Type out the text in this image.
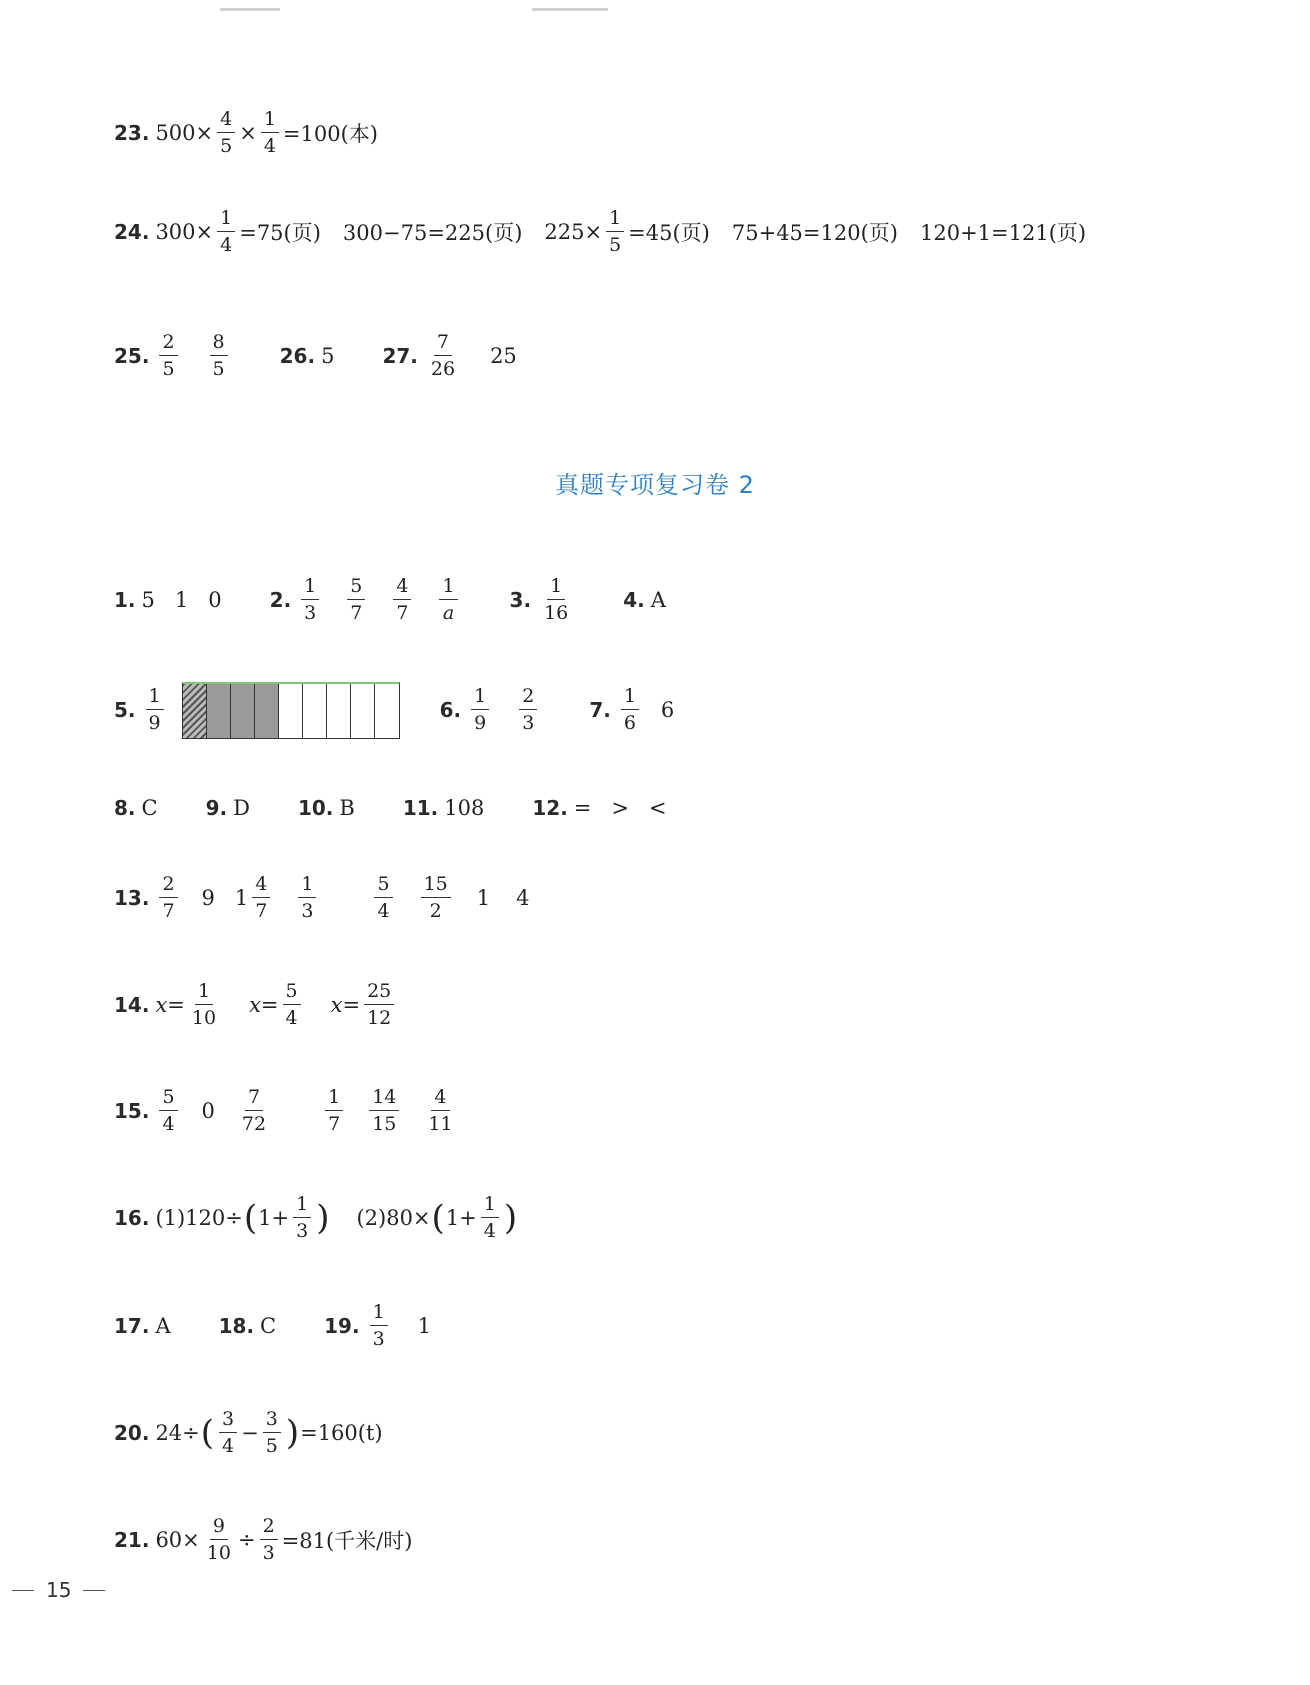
23. $500\times \frac{4}{5} \times \frac{1}{4} =100$(本)
24. $300\times \frac{1}{4} =75$(页) 300−75=225(页) $225\times \frac{1}{5} =45$(页) 75+45=120(页) 120+1=121(页)
25. $\frac{2}{5} \frac{8}{5}$	26. 5 27. $\frac{7}{26} 25$
真题专项复习卷 2
1. 5   1   0 2. $\frac{1}{3} \frac{5}{7} \frac{4}{7} \frac{1}{a}$	3. $\frac{1}{16}$	4. A
5. $\frac{1}{9}$	6. $\frac{1}{9} \frac{2}{3}$	7. $\frac{1}{6} 6$
8. C 9. D 10. B 11. 108 12. =   >   <
13. $\frac{2}{7} 9$ $1 \frac{4}{7} \frac{1}{3}$	$\frac{5}{4} \frac{15}{2} 1$ 4
14. $x= \frac{1}{10} x= \frac{5}{4} x= \frac{25}{12}$
15. $\frac{5}{4} 0 \frac{7}{72}$	$\frac{1}{7} \frac{14}{15} \frac{4}{11}$
16. (1)120÷ ( $1+ \frac{1}{3}$ ) (2)80× ( $1+ \frac{1}{4}$ )
17. A 18. C 19. $\frac{1}{3} 1$
20. 24÷ ( $\frac{3}{4} - \frac{3}{5}$ ) =160(t)
21. $60\times \frac{9}{10} \div \frac{2}{3} =81$(千米/时)
15
